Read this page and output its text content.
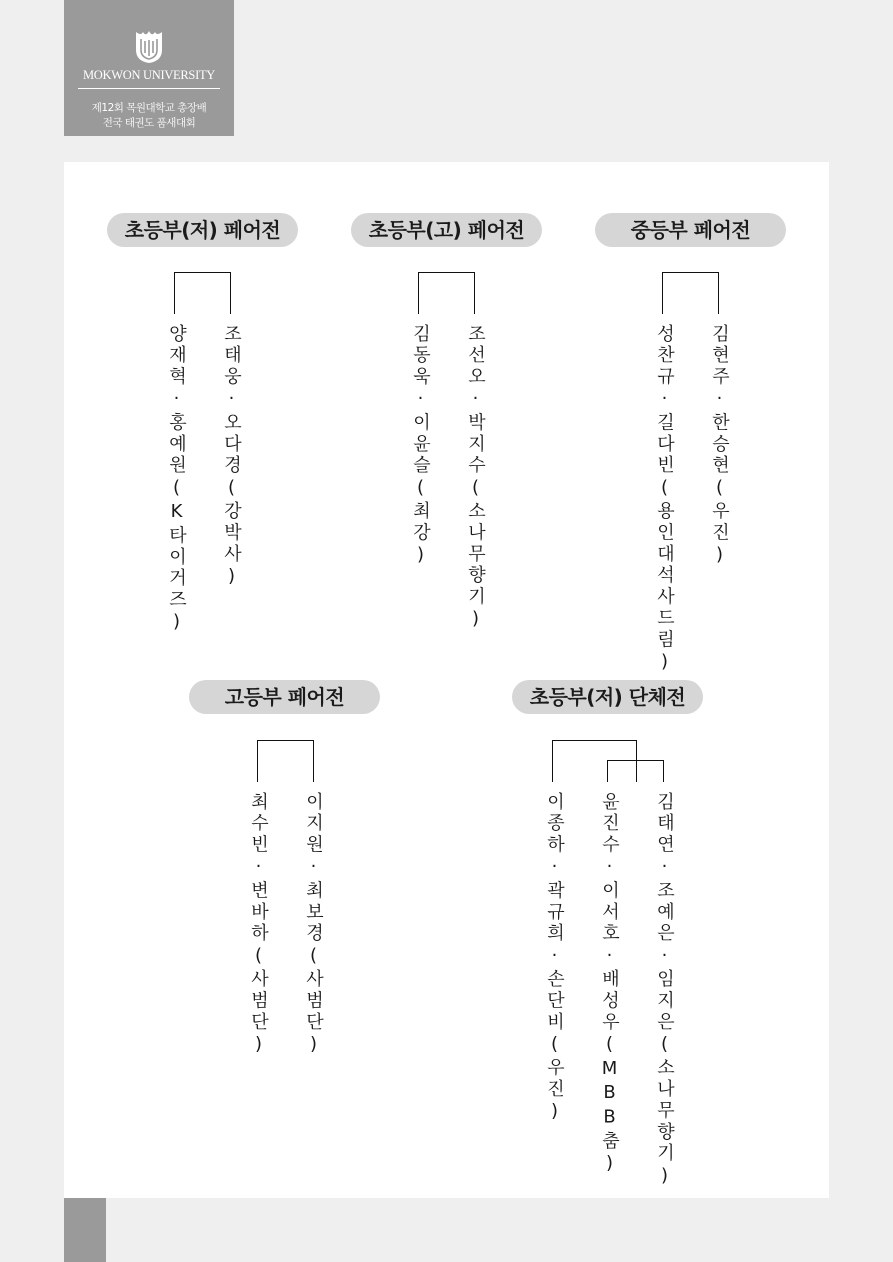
MOKWON UNIVERSITY
제12회 목원대학교 총장배
전국 태권도 품새대회
초등부(저) 페어전
양재혁·홍예원(K타이거즈) 조태웅·오다경(강박사)
초등부(고) 페어전
김동욱·이윤슬(최강) 조선오·박지수(소나무향기)
중등부 페어전
성찬규·길다빈(용인대석사드림) 김현주·한승현(우진)
고등부 페어전
최수빈·변바하(사범단) 이지원·최보경(사범단)
초등부(저) 단체전
이종하·곽규희·손단비(우진) 윤진수·이서호·배성우(MBB춤) 김태연·조예은·임지은(소나무향기)
